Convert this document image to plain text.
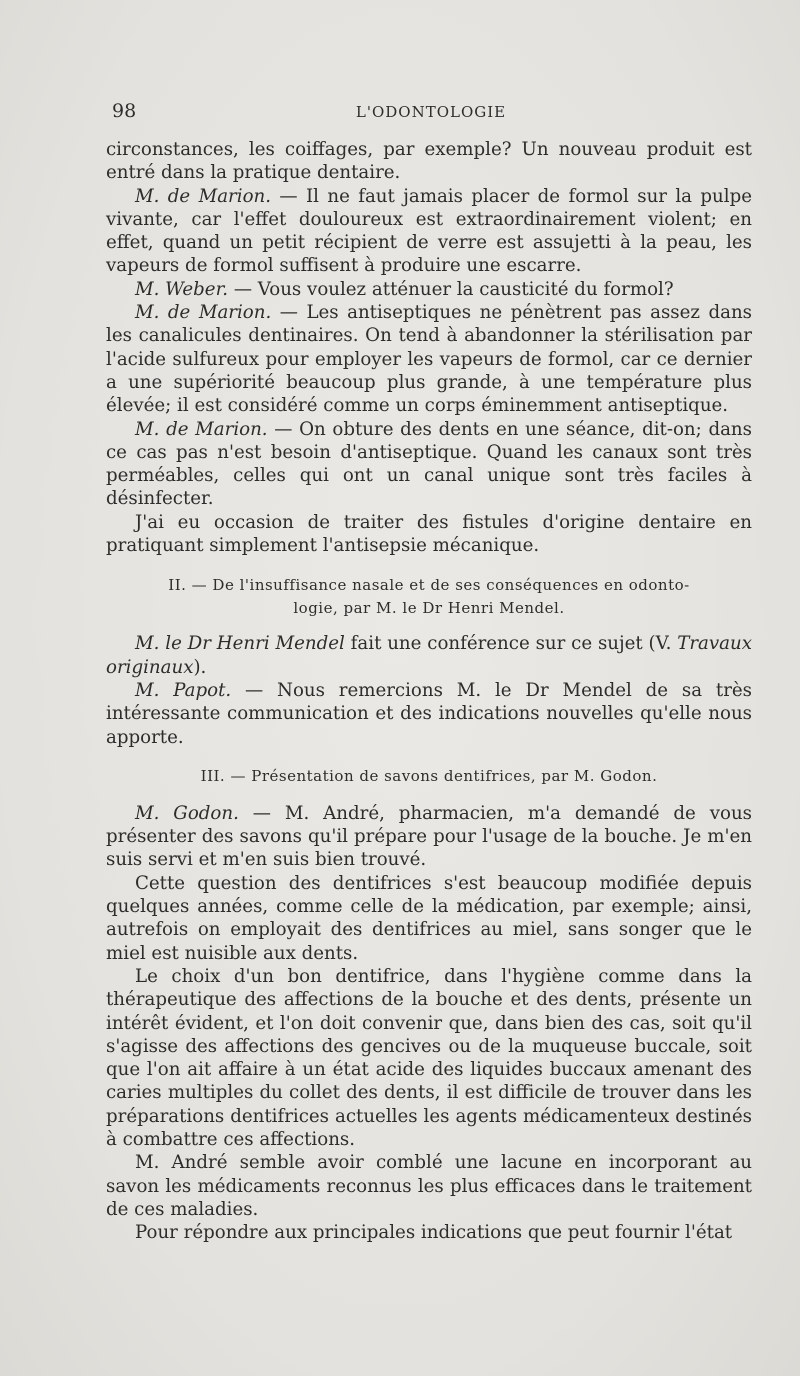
98	L'ODONTOLOGIE

circonstances, les coiffages, par exemple? Un nouveau produit est entré dans la pratique dentaire.

M. de Marion. — Il ne faut jamais placer de formol sur la pulpe vivante, car l'effet douloureux est extraordinairement violent; en effet, quand un petit récipient de verre est assujetti à la peau, les vapeurs de formol suffisent à produire une escarre.

M. Weber. — Vous voulez atténuer la causticité du formol?

M. de Marion. — Les antiseptiques ne pénètrent pas assez dans les canalicules dentinaires. On tend à abandonner la stérilisation par l'acide sulfureux pour employer les vapeurs de formol, car ce dernier a une supériorité beaucoup plus grande, à une température plus élevée; il est considéré comme un corps éminemment antiseptique.

M. de Marion. — On obture des dents en une séance, dit-on; dans ce cas pas n'est besoin d'antiseptique. Quand les canaux sont très perméables, celles qui ont un canal unique sont très faciles à désinfecter.

J'ai eu occasion de traiter des fistules d'origine dentaire en pratiquant simplement l'antisepsie mécanique.

II. — De l'insuffisance nasale et de ses conséquences en odonto-
logie, par M. le Dr Henri Mendel.

M. le Dr Henri Mendel fait une conférence sur ce sujet (V. Travaux originaux).

M. Papot. — Nous remercions M. le Dr Mendel de sa très intéressante communication et des indications nouvelles qu'elle nous apporte.

III. — Présentation de savons dentifrices, par M. Godon.

M. Godon. — M. André, pharmacien, m'a demandé de vous présenter des savons qu'il prépare pour l'usage de la bouche. Je m'en suis servi et m'en suis bien trouvé.

Cette question des dentifrices s'est beaucoup modifiée depuis quelques années, comme celle de la médication, par exemple; ainsi, autrefois on employait des dentifrices au miel, sans songer que le miel est nuisible aux dents.

Le choix d'un bon dentifrice, dans l'hygiène comme dans la thérapeutique des affections de la bouche et des dents, présente un intérêt évident, et l'on doit convenir que, dans bien des cas, soit qu'il s'agisse des affections des gencives ou de la muqueuse buccale, soit que l'on ait affaire à un état acide des liquides buccaux amenant des caries multiples du collet des dents, il est difficile de trouver dans les préparations dentifrices actuelles les agents médicamenteux destinés à combattre ces affections.

M. André semble avoir comblé une lacune en incorporant au savon les médicaments reconnus les plus efficaces dans le traitement de ces maladies.

Pour répondre aux principales indications que peut fournir l'état
